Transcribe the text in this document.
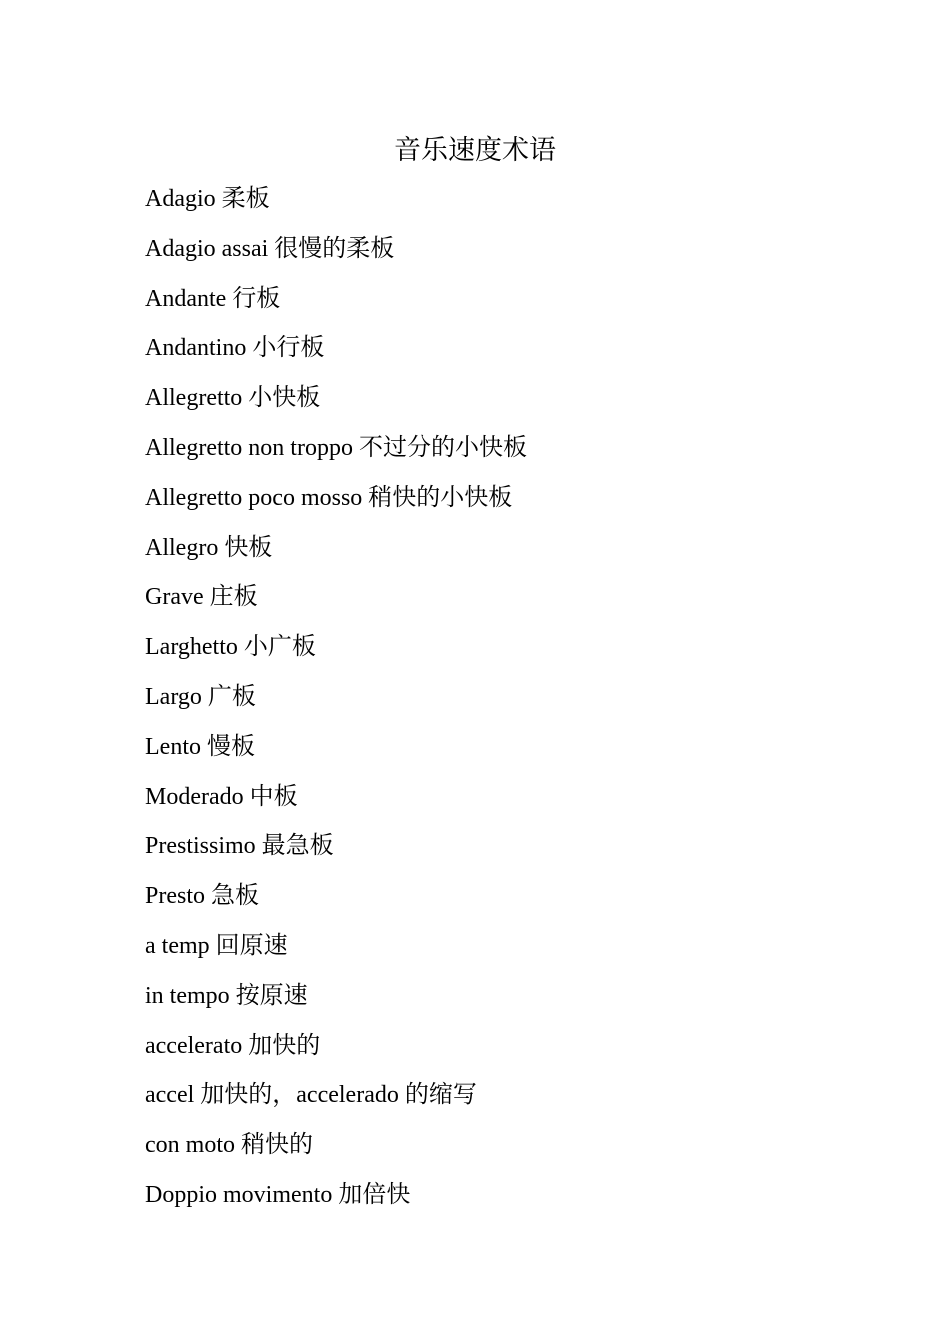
音乐速度术语
Adagio 柔板
Adagio assai 很慢的柔板
Andante 行板
Andantino 小行板
Allegretto 小快板
Allegretto non troppo 不过分的小快板
Allegretto poco mosso 稍快的小快板
Allegro 快板
Grave 庄板
Larghetto 小广板
Largo 广板
Lento 慢板
Moderado 中板
Prestissimo 最急板
Presto 急板
a temp 回原速
in tempo 按原速
accelerato 加快的
accel 加快的，accelerado 的缩写
con moto 稍快的
Doppio movimento 加倍快
